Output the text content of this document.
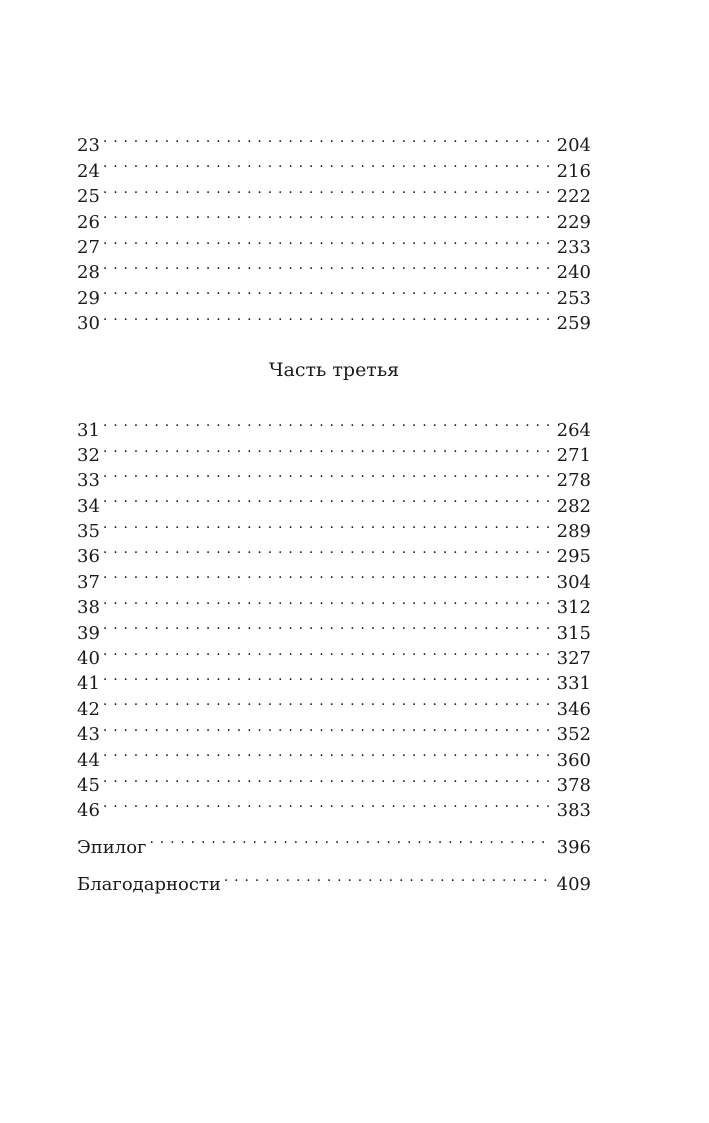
23 . . .	204
24 . . .	216
25 . . .	222
26 . . .	229
27 . . .	233
28 . . .	240
29 . . .	253
30 . . .	259
Часть третья
31 . . .	264
32 . . .	271
33 . . .	278
34 . . .	282
35 . . .	289
36 . . .	295
37 . . .	304
38 . . .	312
39 . . .	315
40 . . .	327
41 . . .	331
42 . . .	346
43 . . .	352
44 . . .	360
45 . . .	378
46 . . .	383
Эпилог . . .	396
Благодарности . . .	409
